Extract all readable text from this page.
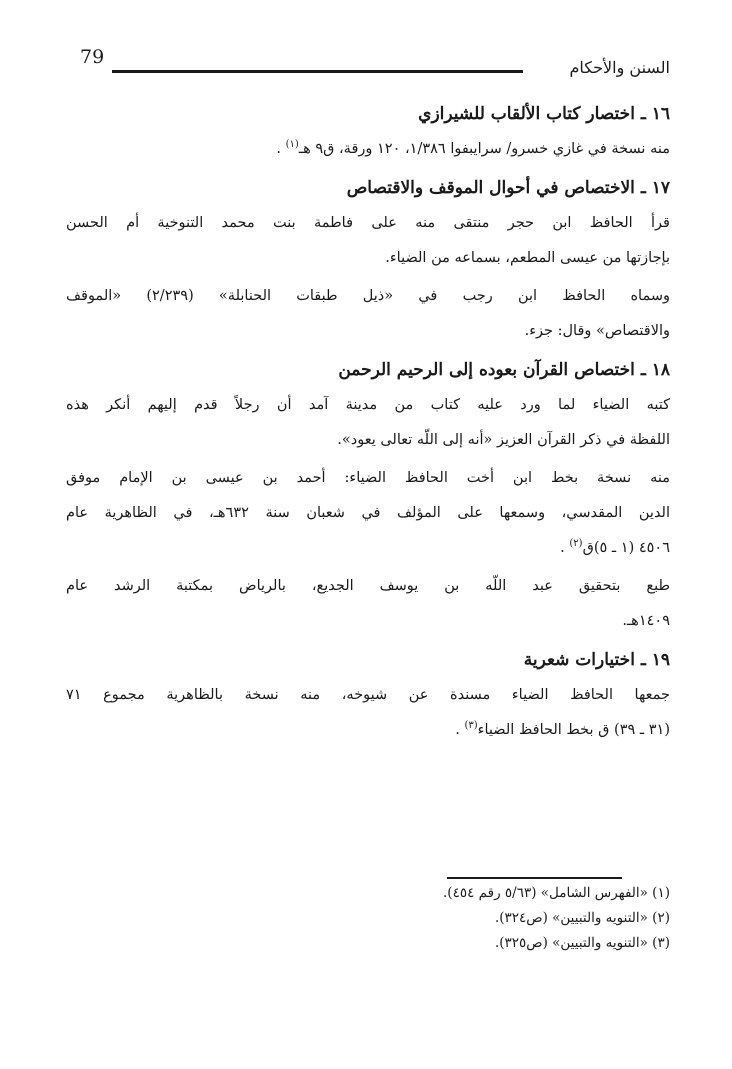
79	السنن والأحكام
١٦ ـ اختصار كتاب الألقاب للشيرازي
منه نسخة في غازي خسرو/ سرايبفوا ١/٣٨٦، ١٢٠ ورقة، ق٩ هـ$^{(١)}$ .
١٧ ـ الاختصاص في أحوال الموقف والاقتصاص
قرأ الحافظ ابن حجر منتقى منه على فاطمة بنت محمد التنوخية أم الحسن
بإجازتها من عيسى المطعم، بسماعه من الضياء.
وسماه الحافظ ابن رجب في «ذيل طبقات الحنابلة» (٢/٢٣٩) «الموقف
والاقتصاص» وقال: جزء.
١٨ ـ اختصاص القرآن بعوده إلى الرحيم الرحمن
كتبه الضياء لما ورد عليه كتاب من مدينة آمد أن رجلاً قدم إليهم أنكر هذه
اللفظة في ذكر القرآن العزيز «أنه إلى اللّه تعالى يعود».
منه نسخة بخط ابن أخت الحافظ الضياء: أحمد بن عيسى بن الإمام موفق
الدين المقدسي، وسمعها على المؤلف في شعبان سنة ٦٣٢هـ، في الظاهرية عام
٤٥٠٦ (١ ـ ٥)ق$^{(٢)}$ .
طبع بتحقيق عبد اللّه بن يوسف الجديع، بالرياض بمكتبة الرشد عام
١٤٠٩هـ.
١٩ ـ اختيارات شعرية
جمعها الحافظ الضياء مسندة عن شيوخه، منه نسخة بالظاهرية مجموع ٧١
(٣١ ـ ٣٩) ق بخط الحافظ الضياء$^{(٣)}$ .
(١) «الفهرس الشامل» (٥/٦٣ رقم ٤٥٤).
(٢) «التنويه والتبيين» (ص٣٢٤).
(٣) «التنويه والتبيين» (ص٣٢٥).
